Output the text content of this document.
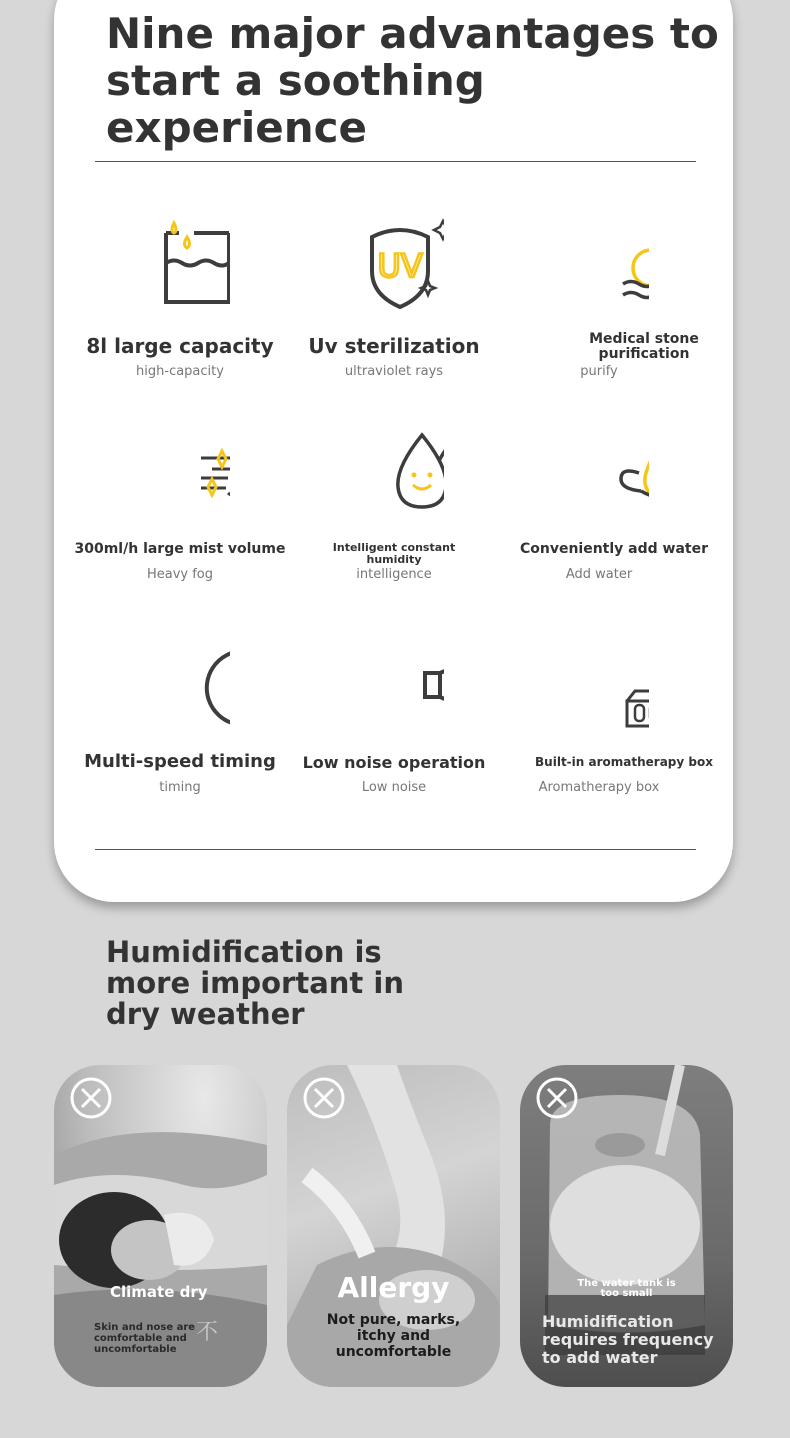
Nine major advantages to
start a soothing experience
8l large capacity
high-capacity
UV
Uv sterilization
ultraviolet rays
Medical stone purification
purify
300ml/h large mist volume
Heavy fog
Intelligent constant humidity
intelligence
Conveniently add water
Add water
Multi-speed timing
timing
Low noise operation
Low noise
Built-in aromatherapy box
Aromatherapy box
Humidification is
more important in
dry weather
Climate dry
Skin and nose are
comfortable and
uncomfortable
不
Allergy
Not pure, marks,
itchy and
uncomfortable
The water tank is
too small
Humidification
requires frequency
to add water
